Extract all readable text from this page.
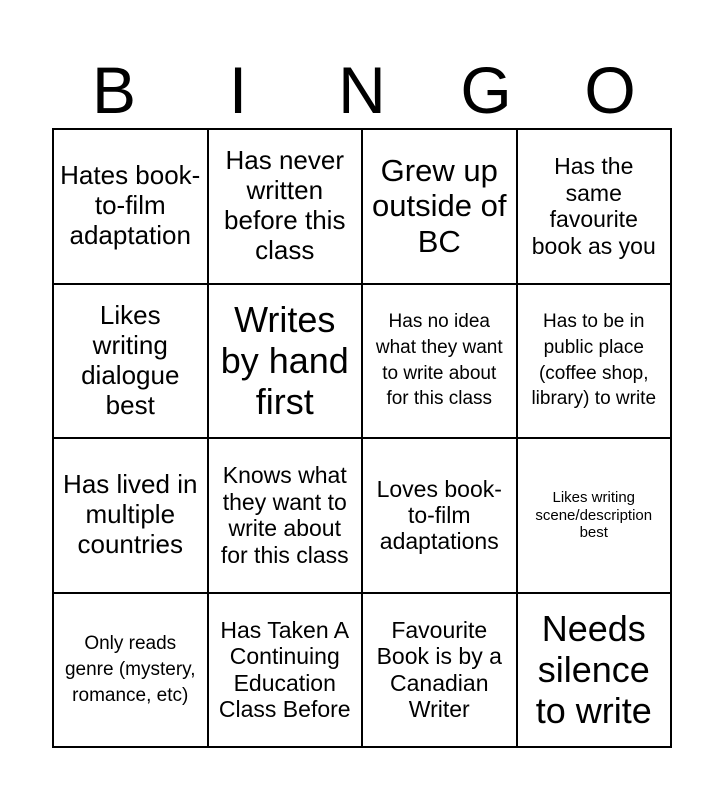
B	I	N	G	O
Hates book-to-film adaptation
Has never written before this class
Grew up outside of BC
Has the same favourite book as you
Likes writing dialogue best
Writes by hand first
Has no idea what they want to write about for this class
Has to be in public place (coffee shop, library) to write
Has lived in multiple countries
Knows what they want to write about for this class
Loves book-to-film adaptations
Likes writing scene/description best
Only reads genre (mystery, romance, etc)
Has Taken A Continuing Education Class Before
Favourite Book is by a Canadian Writer
Needs silence to write
